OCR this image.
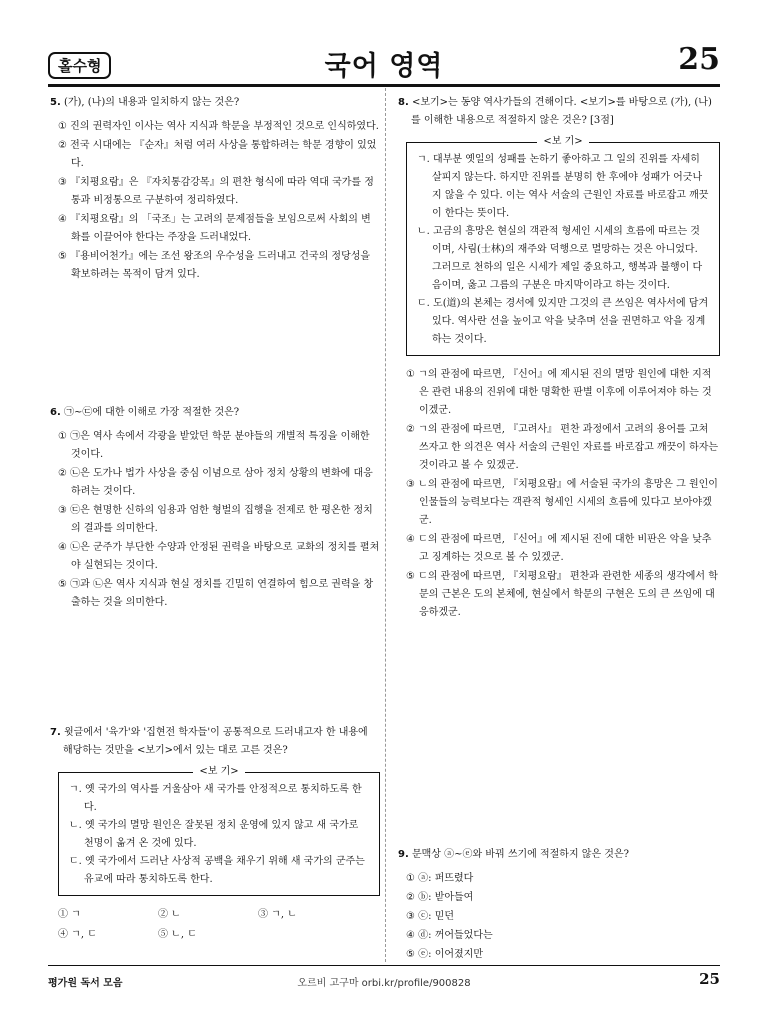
홀수형	국어 영역	25

5. (가), (나)의 내용과 일치하지 않는 것은?

① 진의 권력자인 이사는 역사 지식과 학문을 부정적인 것으로 인식하였다.
② 전국 시대에는 『순자』처럼 여러 사상을 통합하려는 학문 경향이 있었다.
③ 『치평요람』은 『자치통감강목』의 편찬 형식에 따라 역대 국가를 정통과 비정통으로 구분하여 정리하였다.
④ 『치평요람』의 「국조」는 고려의 문제점들을 보임으로써 사회의 변화를 이끌어야 한다는 주장을 드러내었다.
⑤ 『용비어천가』에는 조선 왕조의 우수성을 드러내고 건국의 정당성을 확보하려는 목적이 담겨 있다.

6. ㉠~㉢에 대한 이해로 가장 적절한 것은?

① ㉠은 역사 속에서 각광을 받았던 학문 분야들의 개별적 특징을 이해한 것이다.
② ㉡은 도가나 법가 사상을 중심 이념으로 삼아 정치 상황의 변화에 대응하려는 것이다.
③ ㉢은 현명한 신하의 임용과 엄한 형벌의 집행을 전제로 한 평온한 정치의 결과를 의미한다.
④ ㉡은 군주가 부단한 수양과 안정된 권력을 바탕으로 교화의 정치를 펼쳐야 실현되는 것이다.
⑤ ㉠과 ㉡은 역사 지식과 현실 정치를 긴밀히 연결하여 힘으로 권력을 창출하는 것을 의미한다.

7. 윗글에서 '육가'와 '집현전 학자들'이 공통적으로 드러내고자 한 내용에 해당하는 것만을 <보기>에서 있는 대로 고른 것은?

<보 기>

ㄱ. 옛 국가의 역사를 거울삼아 새 국가를 안정적으로 통치하도록 한다.

ㄴ. 옛 국가의 멸망 원인은 잘못된 정치 운영에 있지 않고 새 국가로 천명이 옮겨 온 것에 있다.

ㄷ. 옛 국가에서 드러난 사상적 공백을 채우기 위해 새 국가의 군주는 유교에 따라 통치하도록 한다.

① ㄱ	② ㄴ	③ ㄱ, ㄴ
④ ㄱ, ㄷ	⑤ ㄴ, ㄷ

8. <보기>는 동양 역사가들의 견해이다. <보기>를 바탕으로 (가), (나)를 이해한 내용으로 적절하지 않은 것은? [3점]

<보 기>

ㄱ. 대부분 옛일의 성패를 논하기 좋아하고 그 일의 진위를 자세히 살피지 않는다. 하지만 진위를 분명히 한 후에야 성패가 어긋나지 않을 수 있다. 이는 역사 서술의 근원인 자료를 바로잡고 깨끗이 한다는 뜻이다.

ㄴ. 고금의 흥망은 현실의 객관적 형세인 시세의 흐름에 따르는 것이며, 사림(士林)의 재주와 덕행으로 멸망하는 것은 아니었다. 그러므로 천하의 일은 시세가 제일 중요하고, 행복과 불행이 다음이며, 옳고 그름의 구분은 마지막이라고 하는 것이다.

ㄷ. 도(道)의 본체는 경서에 있지만 그것의 큰 쓰임은 역사서에 담겨 있다. 역사란 선을 높이고 악을 낮추며 선을 권면하고 악을 징계하는 것이다.

① ㄱ의 관점에 따르면, 『신어』에 제시된 진의 멸망 원인에 대한 지적은 관련 내용의 진위에 대한 명확한 판별 이후에 이루어져야 하는 것이겠군.
② ㄱ의 관점에 따르면, 『고려사』 편찬 과정에서 고려의 용어를 고쳐 쓰자고 한 의견은 역사 서술의 근원인 자료를 바로잡고 깨끗이 하자는 것이라고 볼 수 있겠군.
③ ㄴ의 관점에 따르면, 『치평요람』에 서술된 국가의 흥망은 그 원인이 인물들의 능력보다는 객관적 형세인 시세의 흐름에 있다고 보아야겠군.
④ ㄷ의 관점에 따르면, 『신어』에 제시된 진에 대한 비판은 악을 낮추고 징계하는 것으로 볼 수 있겠군.
⑤ ㄷ의 관점에 따르면, 『치평요람』 편찬과 관련한 세종의 생각에서 학문의 근본은 도의 본체에, 현실에서 학문의 구현은 도의 큰 쓰임에 대응하겠군.

9. 문맥상 ⓐ~ⓔ와 바꿔 쓰기에 적절하지 않은 것은?

① ⓐ: 퍼뜨렸다
② ⓑ: 받아들여
③ ⓒ: 믿던
④ ⓓ: 꺼어들었다는
⑤ ⓔ: 이어졌지만
평가원 독서 모음	오르비 고구마 orbi.kr/profile/900828	25
